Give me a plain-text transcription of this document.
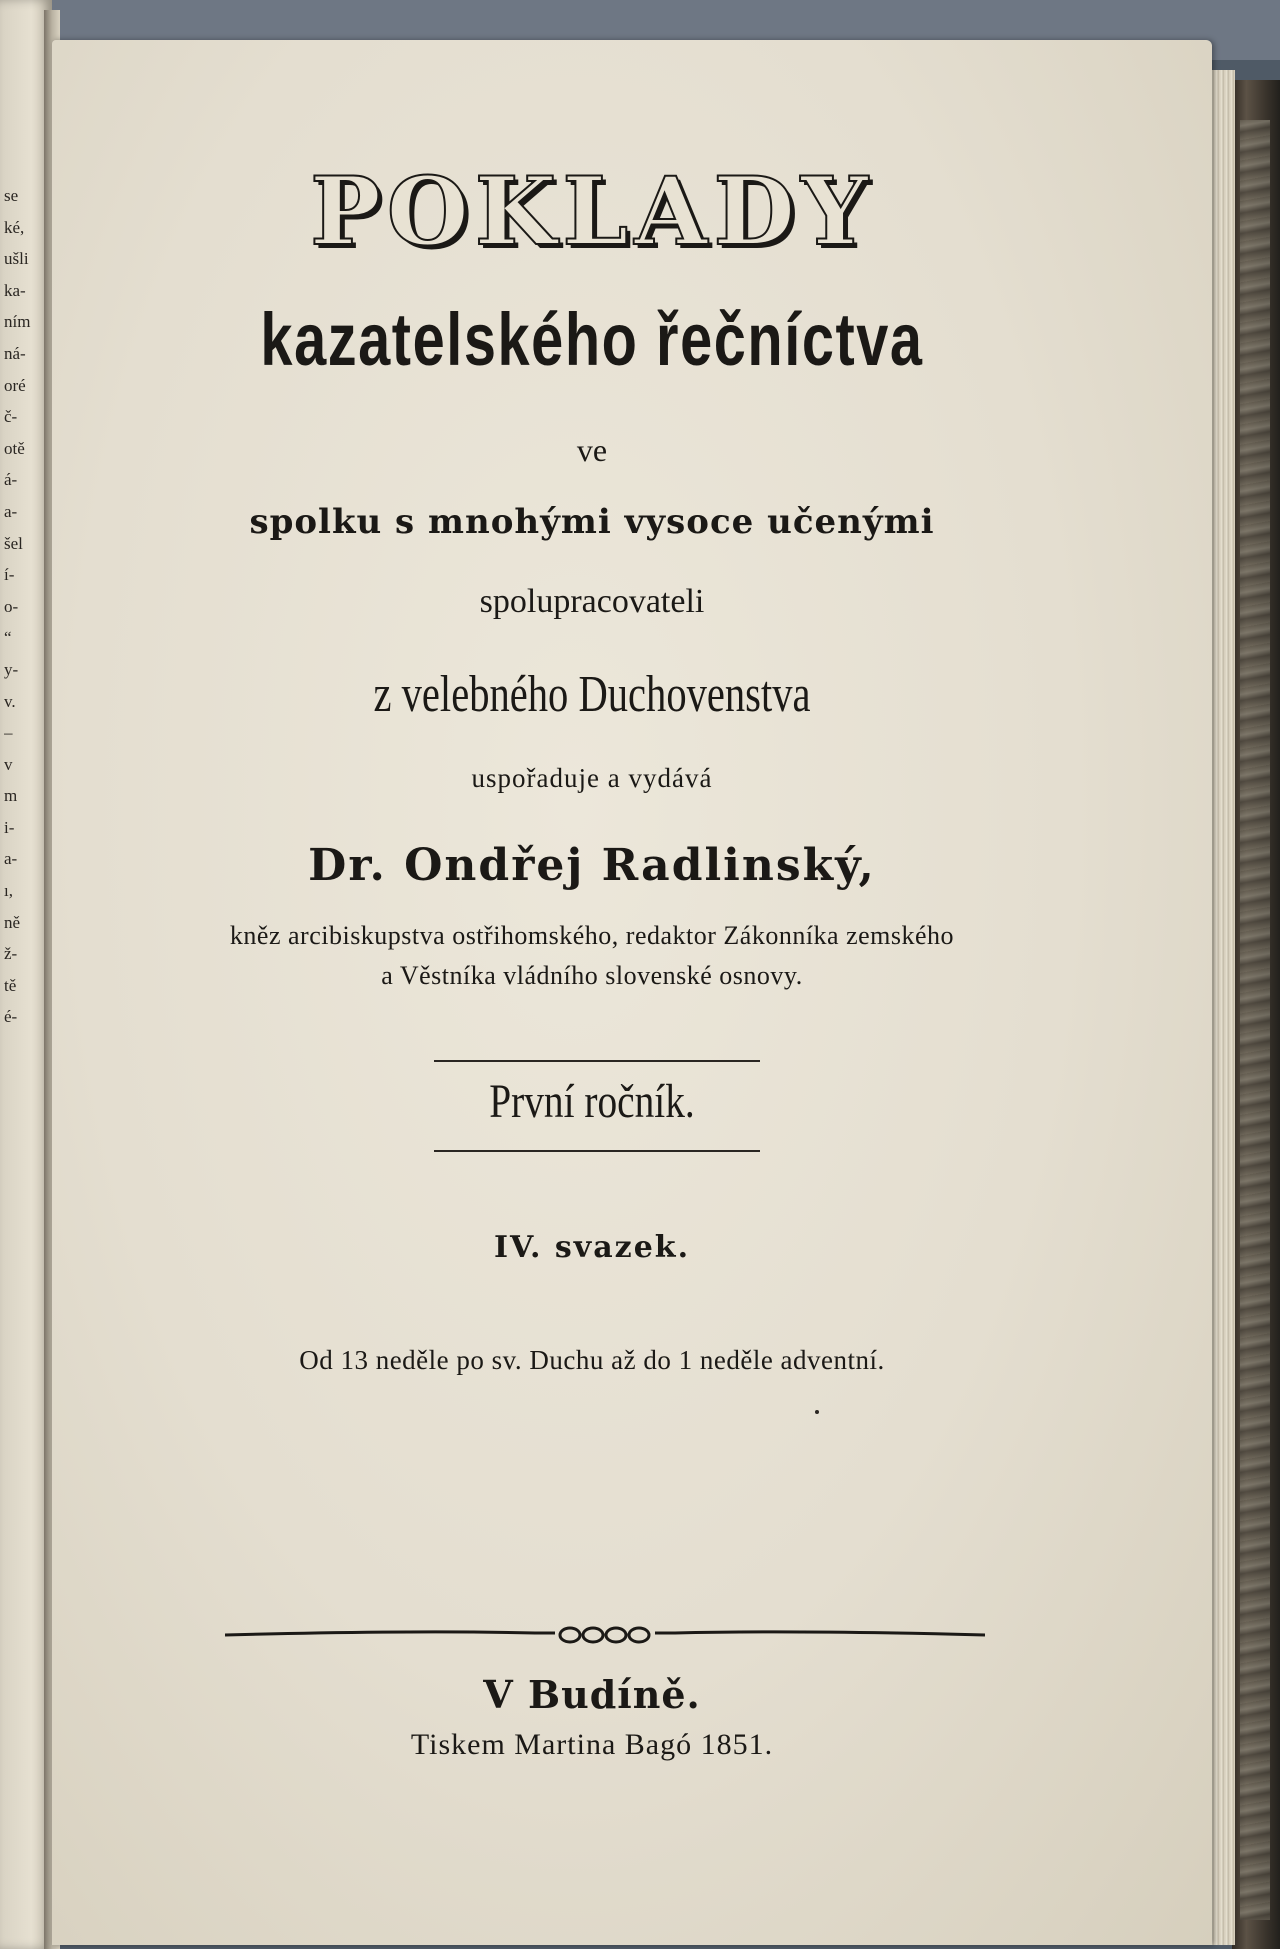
se
ké,
ušli
ka-
ním
ná-
oré
č-
otě
á-
a-
šel
í-
o-
“
y-
v.
–
v
m
i-
a-
ı,
ně
ž-
tě
é-
POKLADY
kazatelského řečníctva
ve
spolku s mnohými vysoce učenými
spolupracovateli
z velebného Duchovenstva
uspořaduje a vydává
Dr. Ondřej Radlinský,
kněz arcibiskupstva ostřihomského, redaktor Zákonníka zemského
a Věstníka vládního slovenské osnovy.
První ročník.
IV. svazek.
Od 13 neděle po sv. Duchu až do 1 neděle adventní.
V Budíně.
Tiskem Martina Bagó 1851.
